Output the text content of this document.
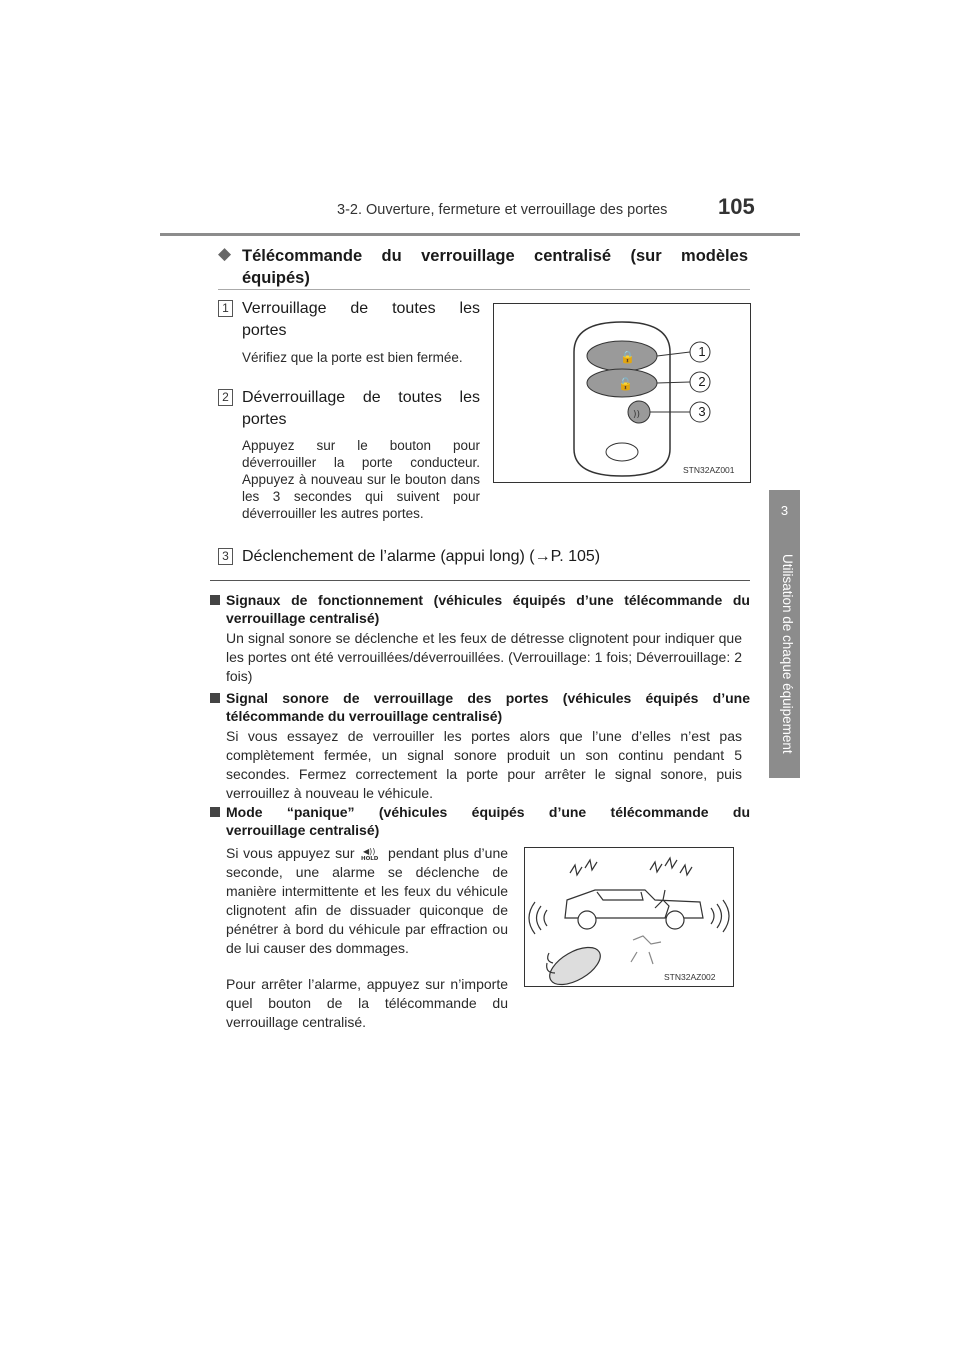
3-2. Ouverture, fermeture et verrouillage des portes 105
3
Utilisation de chaque équipement
◆ Télécommande du verrouillage centralisé (sur modèles
équipés)
1 Verrouillage de toutes les
portes
Vérifiez que la porte est bien fermée.
2 Déverrouillage de toutes les
portes
Appuyez sur le bouton pour déverrouiller la porte conducteur. Appuyez à nouveau sur le bouton dans les 3 secondes qui suivent pour déverrouiller les autres portes.
3 Déclenchement de l’alarme (appui long) (→P. 105)
🔒
🔓
))
1
2
3
STN32AZ001
Signaux de fonctionnement (véhicules équipés d’une télécommande du
verrouillage centralisé)
Un signal sonore se déclenche et les feux de détresse clignotent pour indiquer que les portes ont été verrouillées/déverrouillées. (Verrouillage: 1 fois; Déverrouillage: 2 fois)
Signal sonore de verrouillage des portes (véhicules équipés d’une
télécommande du verrouillage centralisé)
Si vous essayez de verrouiller les portes alors que l’une d’elles n’est pas complètement fermée, un signal sonore produit un son continu pendant 5 secondes. Fermez correctement la porte pour arrêter le signal sonore, puis verrouillez à nouveau le véhicule.
Mode “panique” (véhicules équipés d’une télécommande du
verrouillage centralisé)
Si vous appuyez sur ◀))
HOLD pendant plus d’une seconde, une alarme se déclenche de manière intermittente et les feux du véhicule clignotent afin de dissuader quiconque de pénétrer à bord du véhicule par effraction ou de lui causer des dommages.
Pour arrêter l’alarme, appuyez sur n’importe quel bouton de la télécommande du verrouillage centralisé.
STN32AZ002
